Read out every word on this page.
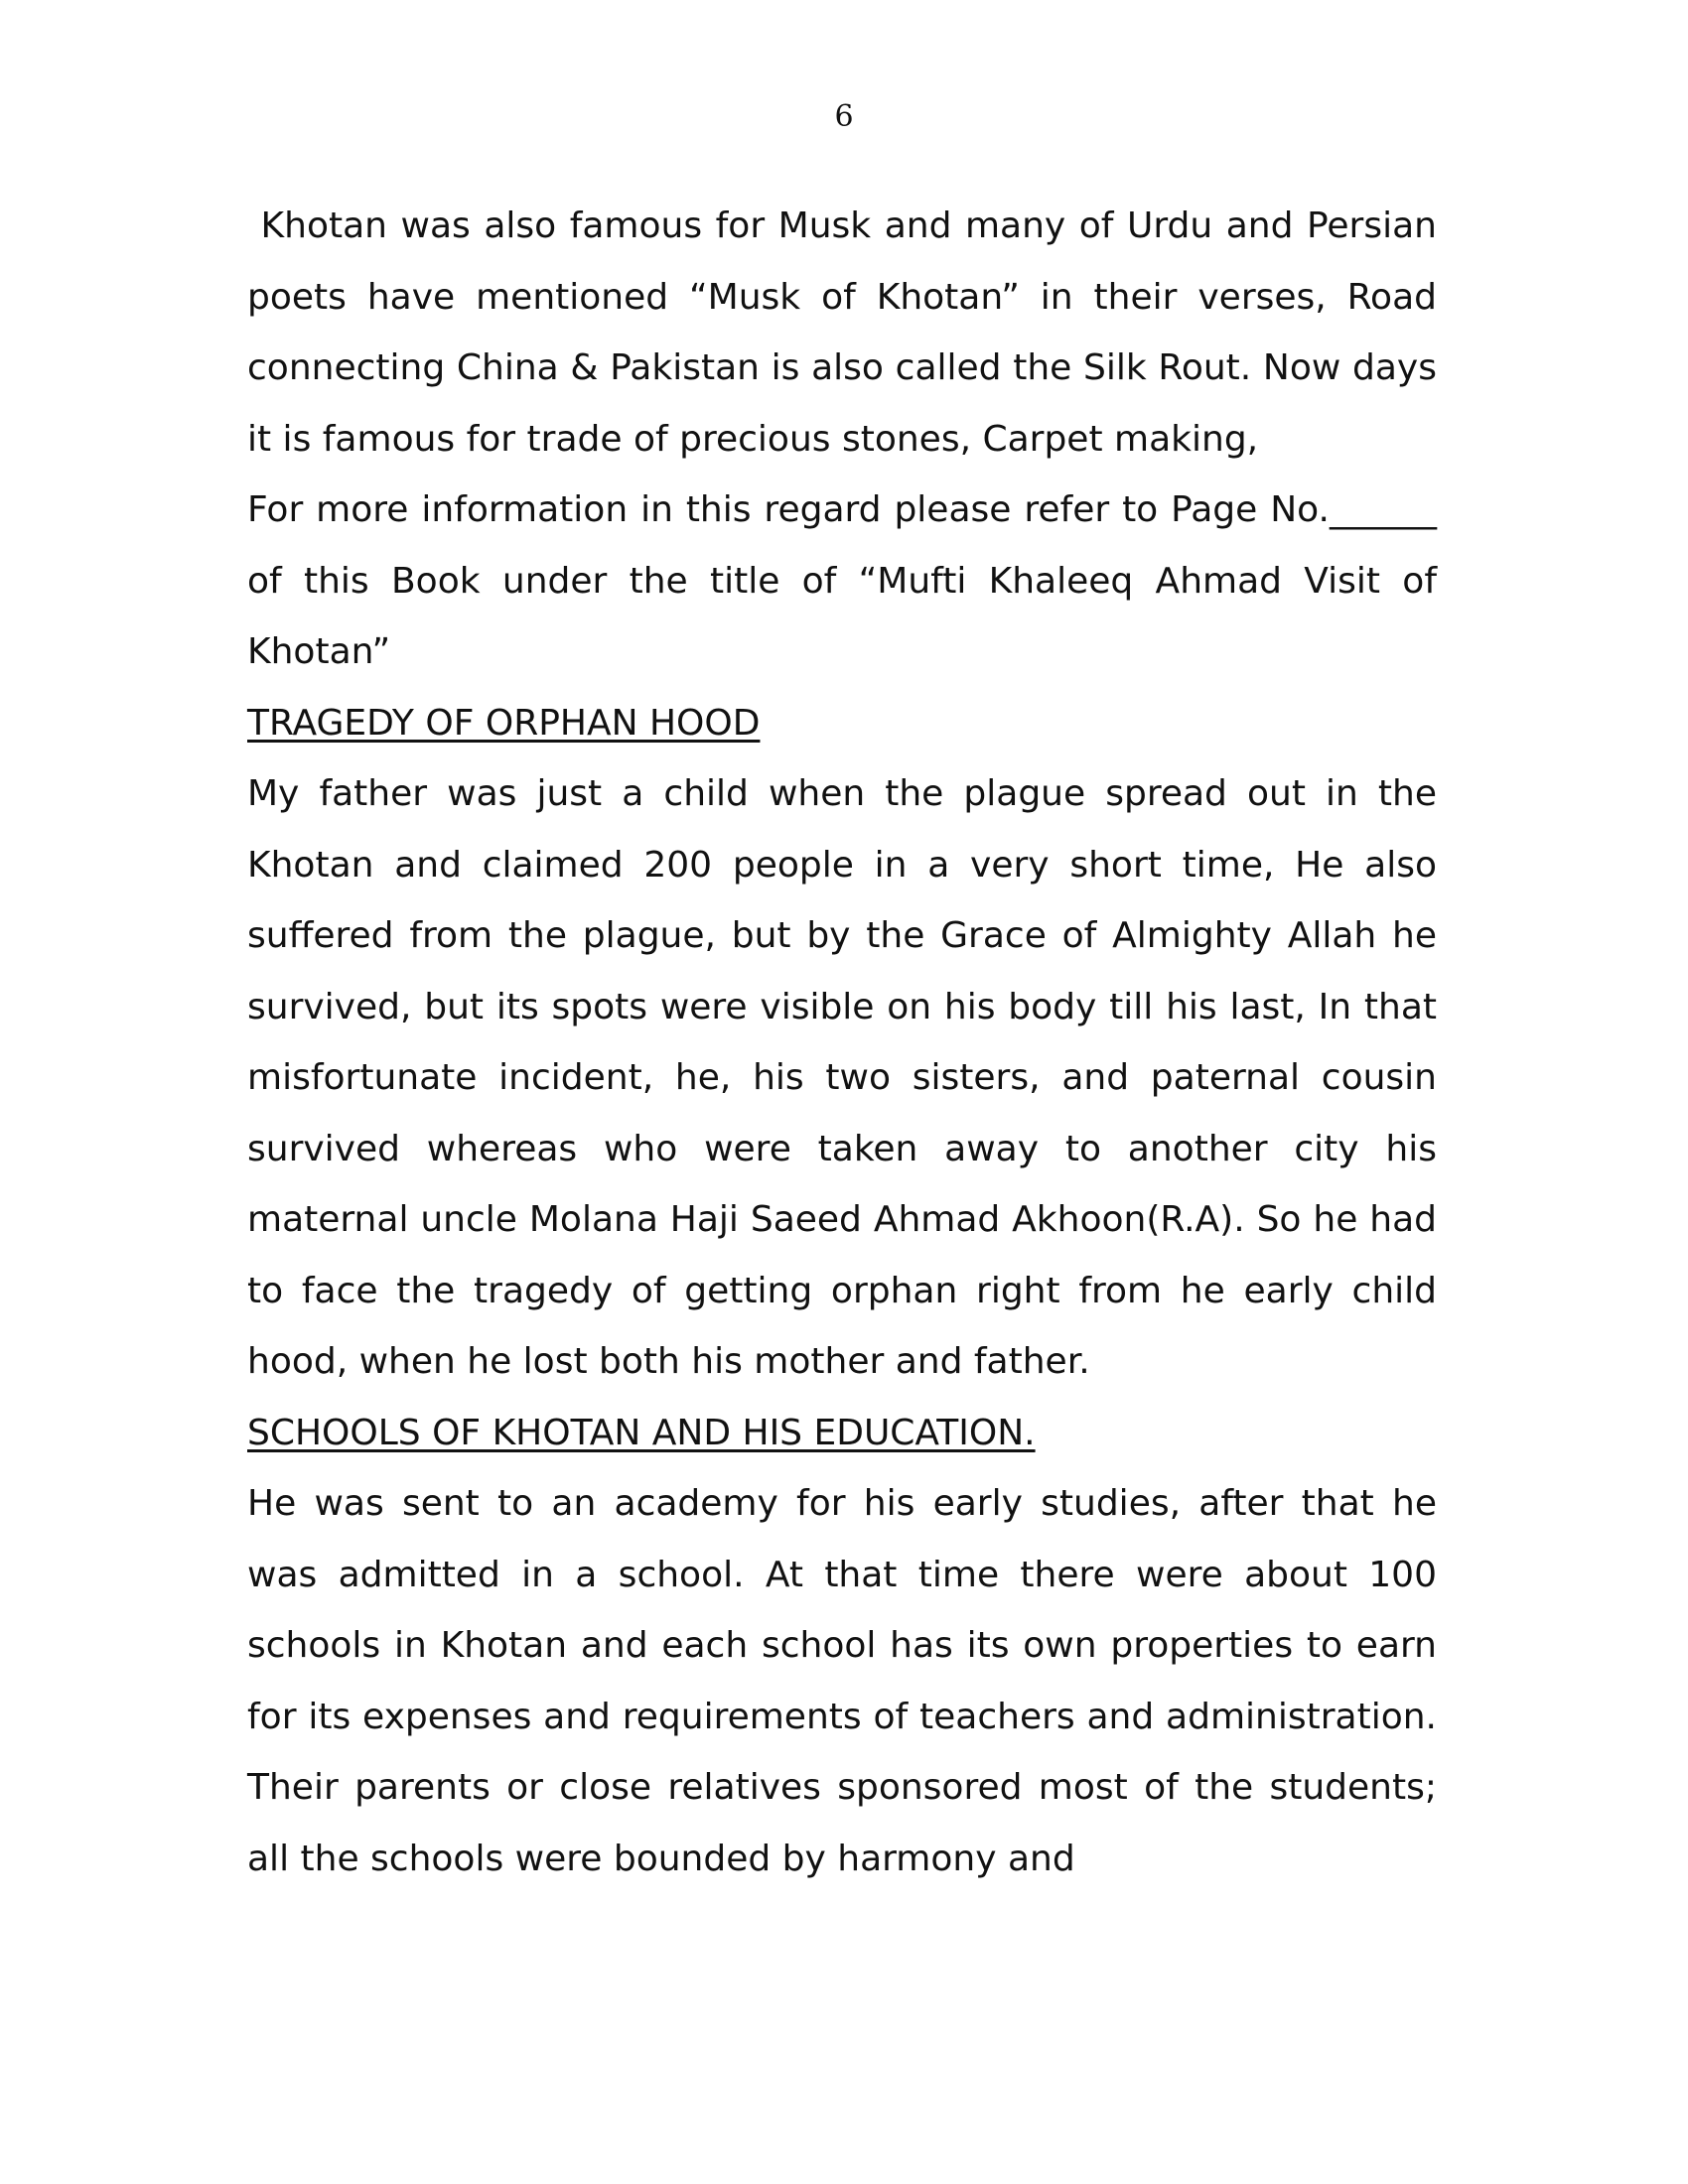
6

Khotan was also famous for Musk and many of Urdu and Persian poets have mentioned “Musk of Khotan” in their verses, Road connecting China & Pakistan is also called the Silk Rout. Now days it is famous for trade of precious stones, Carpet making,

For more information in this regard please refer to Page No.______ of this Book under the title of “Mufti Khaleeq Ahmad Visit of Khotan”

TRAGEDY OF ORPHAN HOOD

My father was just a child when the plague spread out in the Khotan and claimed 200 people in a very short time, He also suffered from the plague, but by the Grace of Almighty Allah he survived, but its spots were visible on his body till his last, In that misfortunate incident, he, his two sisters, and paternal cousin survived whereas who were taken away to another city his maternal uncle Molana Haji Saeed Ahmad Akhoon(R.A). So he had to face the tragedy of getting orphan right from he early child hood, when he lost both his mother and father.

SCHOOLS OF KHOTAN AND HIS EDUCATION.

He was sent to an academy for his early studies, after that he was admitted in a school. At that time there were about 100 schools in Khotan and each school has its own properties to earn for its expenses and requirements of teachers and administration. Their parents or close relatives sponsored most of the students; all the schools were bounded by harmony and
